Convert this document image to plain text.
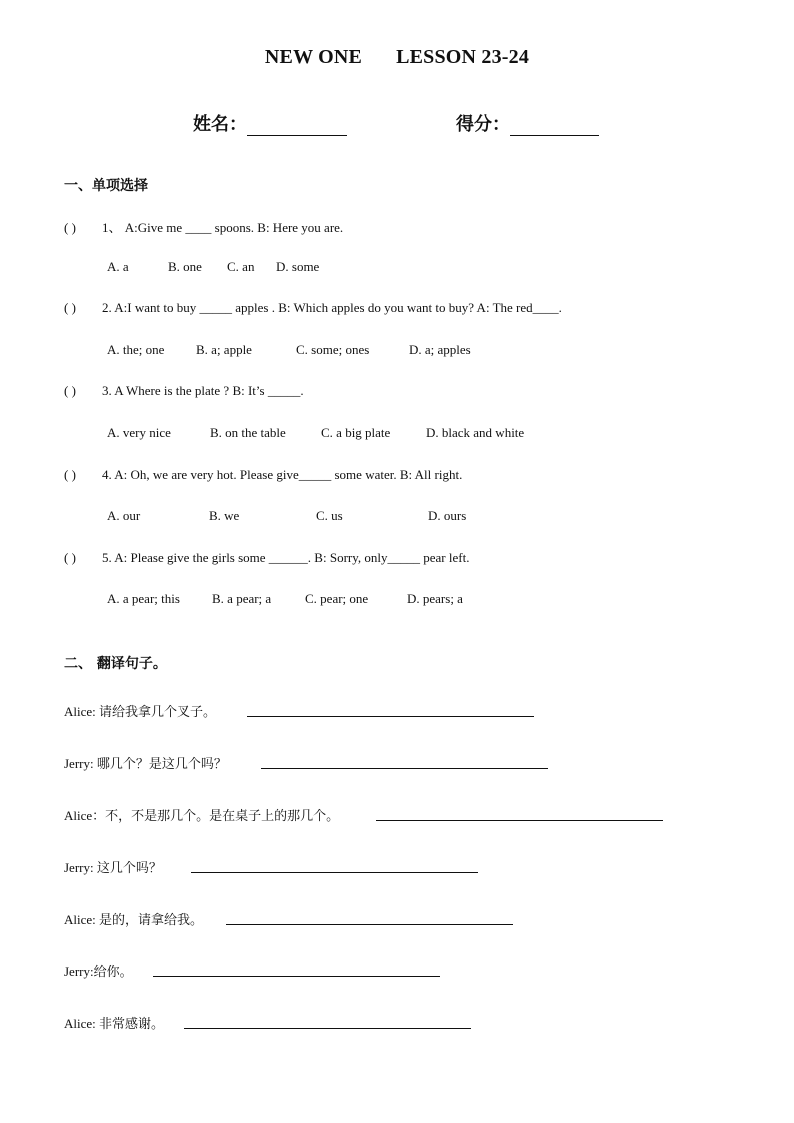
NEW ONE LESSON 23-24
姓名：	得分：
一、单项选择
( ) 1、 A:Give me ____ spoons. B: Here you are.
A. a	B. one C. an D. some
( ) 2. A:I want to buy _____ apples . B: Which apples do you want to buy? A: The red____.
A. the; one B. a; apple	C. some; ones	D. a; apples
( ) 3. A Where is the plate ? B: It’s _____.
A. very nice	B. on the table	C. a big plate	D. black and white
( ) 4. A: Oh, we are very hot. Please give_____ some water. B: All right.
A. our	B. we	C. us	D. ours
( ) 5. A: Please give the girls some ______. B: Sorry, only_____ pear left.
A. a pear; this B. a pear; a	C. pear; one	D. pears; a
二、 翻译句子。
Alice: 请给我拿几个叉子。
Jerry: 哪几个？是这几个吗？
Alice：不，不是那几个。是在桌子上的那几个。
Jerry: 这几个吗？
Alice: 是的，请拿给我。
Jerry:给你。
Alice: 非常感谢。
